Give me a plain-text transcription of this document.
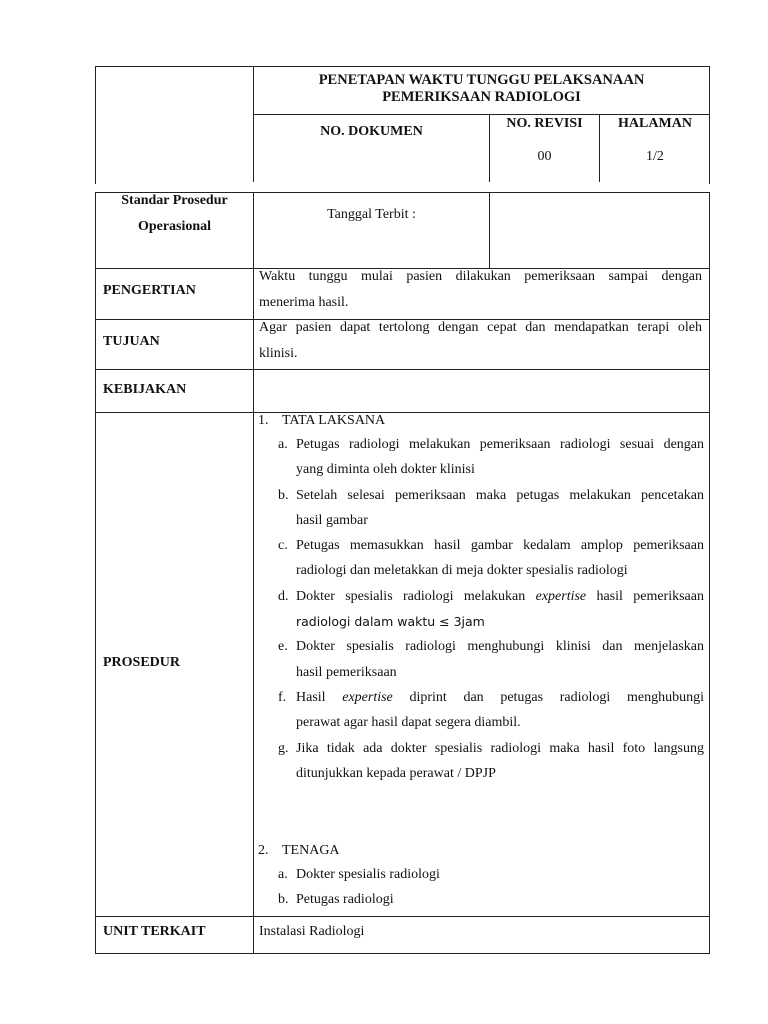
PENETAPAN WAKTU TUNGGU PELAKSANAAN
PEMERIKSAAN RADIOLOGI
NO. DOKUMEN
NO. REVISI
00
HALAMAN
1/2
Standar Prosedur
Operasional
Tanggal Terbit :
PENGERTIAN
Waktu tunggu mulai pasien dilakukan pemeriksaan sampai dengan
menerima hasil.
TUJUAN
Agar pasien dapat tertolong dengan cepat dan mendapatkan terapi oleh
klinisi.
KEBIJAKAN
PROSEDUR
1. TATA LAKSANA
a. Petugas radiologi melakukan pemeriksaan radiologi sesuai dengan
yang diminta oleh dokter klinisi
b. Setelah selesai pemeriksaan maka petugas melakukan pencetakan
hasil gambar
c. Petugas memasukkan hasil gambar kedalam amplop pemeriksaan
radiologi dan meletakkan di meja dokter spesialis radiologi
d. Dokter spesialis radiologi melakukan expertise hasil pemeriksaan
radiologi dalam waktu ≤ 3jam
e. Dokter spesialis radiologi menghubungi klinisi dan menjelaskan
hasil pemeriksaan
f. Hasil expertise diprint dan petugas radiologi menghubungi
perawat agar hasil dapat segera diambil.
g. Jika tidak ada dokter spesialis radiologi maka hasil foto langsung
ditunjukkan kepada perawat / DPJP
2. TENAGA
a. Dokter spesialis radiologi
b. Petugas radiologi
UNIT TERKAIT	Instalasi Radiologi
